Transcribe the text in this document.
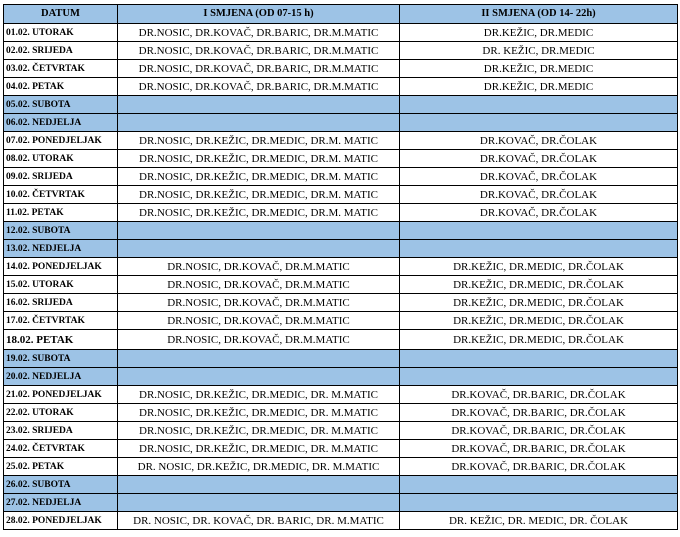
DATUM	I SMJENA (OD 07-15 h)	II SMJENA (OD 14- 22h)
01.02. UTORAK	DR.NOSIC, DR.KOVAČ, DR.BARIC, DR.M.MATIC	DR.KEŽIC, DR.MEDIC
02.02. SRIJEDA	DR.NOSIC, DR.KOVAČ, DR.BARIC, DR.M.MATIC	DR. KEŽIC, DR.MEDIC
03.02. ČETVRTAK	DR.NOSIC, DR.KOVAČ, DR.BARIC, DR.M.MATIC	DR.KEŽIC, DR.MEDIC
04.02. PETAK	DR.NOSIC, DR.KOVAČ, DR.BARIC, DR.M.MATIC	DR.KEŽIC, DR.MEDIC
05.02. SUBOTA		
06.02. NEDJELJA		
07.02. PONEDJELJAK	DR.NOSIC, DR.KEŽIC, DR.MEDIC, DR.M. MATIC	DR.KOVAČ, DR.ČOLAK
08.02. UTORAK	DR.NOSIC, DR.KEŽIC, DR.MEDIC, DR.M. MATIC	DR.KOVAČ, DR.ČOLAK
09.02. SRIJEDA	DR.NOSIC, DR.KEŽIC, DR.MEDIC, DR.M. MATIC	DR.KOVAČ, DR.ČOLAK
10.02. ČETVRTAK	DR.NOSIC, DR.KEŽIC, DR.MEDIC, DR.M. MATIC	DR.KOVAČ, DR.ČOLAK
11.02. PETAK	DR.NOSIC, DR.KEŽIC, DR.MEDIC, DR.M. MATIC	DR.KOVAČ, DR.ČOLAK
12.02. SUBOTA		
13.02. NEDJELJA		
14.02. PONEDJELJAK	DR.NOSIC, DR.KOVAČ, DR.M.MATIC	DR.KEŽIC, DR.MEDIC, DR.ČOLAK
15.02. UTORAK	DR.NOSIC, DR.KOVAČ, DR.M.MATIC	DR.KEŽIC, DR.MEDIC, DR.ČOLAK
16.02. SRIJEDA	DR.NOSIC, DR.KOVAČ, DR.M.MATIC	DR.KEŽIC, DR.MEDIC, DR.ČOLAK
17.02. ČETVRTAK	DR.NOSIC, DR.KOVAČ, DR.M.MATIC	DR.KEŽIC, DR.MEDIC, DR.ČOLAK
18.02. PETAK	DR.NOSIC, DR.KOVAČ, DR.M.MATIC	DR.KEŽIC, DR.MEDIC, DR.ČOLAK
19.02. SUBOTA		
20.02. NEDJELJA		
21.02. PONEDJELJAK	DR.NOSIC, DR.KEŽIC, DR.MEDIC, DR. M.MATIC	DR.KOVAČ, DR.BARIC, DR.ČOLAK
22.02. UTORAK	DR.NOSIC, DR.KEŽIC, DR.MEDIC, DR. M.MATIC	DR.KOVAČ, DR.BARIC, DR.ČOLAK
23.02. SRIJEDA	DR.NOSIC, DR.KEŽIC, DR.MEDIC, DR. M.MATIC	DR.KOVAČ, DR.BARIC, DR.ČOLAK
24.02. ČETVRTAK	DR.NOSIC, DR.KEŽIC, DR.MEDIC, DR. M.MATIC	DR.KOVAČ, DR.BARIC, DR.ČOLAK
25.02. PETAK	DR. NOSIC, DR.KEŽIC, DR.MEDIC, DR. M.MATIC	DR.KOVAČ, DR.BARIC, DR.ČOLAK
26.02. SUBOTA		
27.02. NEDJELJA		
28.02. PONEDJELJAK	DR. NOSIC, DR. KOVAČ, DR. BARIC, DR. M.MATIC	DR. KEŽIC, DR. MEDIC, DR. ČOLAK
